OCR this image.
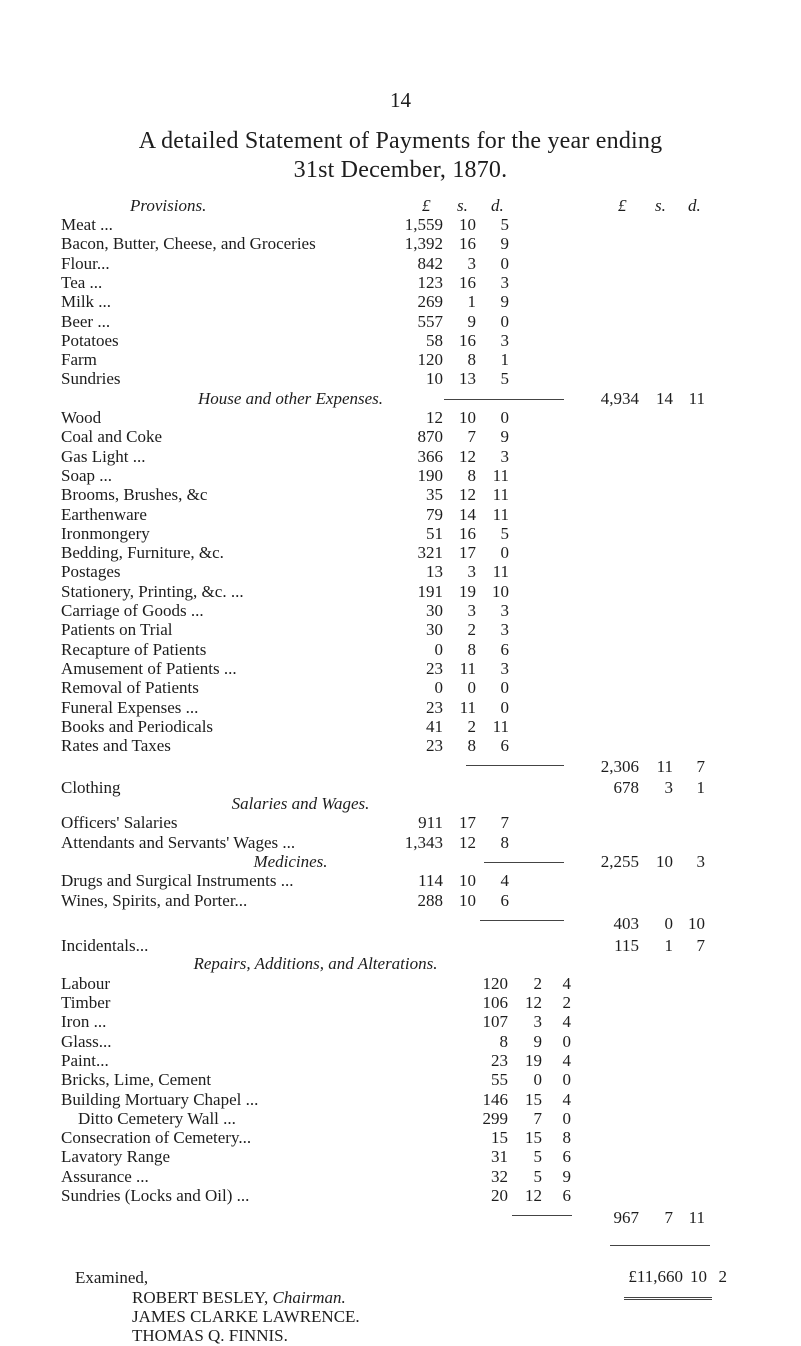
14
A detailed Statement of Payments for the year ending
31st December, 1870.
Provisions.	£ s. d.	£ s. d.
Meat ...	1,559 10 5
Bacon, Butter, Cheese, and Groceries	1,392 16 9
Flour...	842 3 0
Tea ...	123 16 3
Milk ...	269 1 9
Beer ...	557 9 0
Potatoes	58 16 3
Farm	120 8 1
Sundries	10 13 5
House and other Expenses.	4,934 14 11
Wood	12 10 0
Coal and Coke	870 7 9
Gas Light ...	366 12 3
Soap ...	190 8 11
Brooms, Brushes, &c	35 12 11
Earthenware	79 14 11
Ironmongery	51 16 5
Bedding, Furniture, &c.	321 17 0
Postages	13 3 11
Stationery, Printing, &c. ...	191 19 10
Carriage of Goods ...	30 3 3
Patients on Trial	30 2 3
Recapture of Patients	0 8 6
Amusement of Patients ...	23 11 3
Removal of Patients	0 0 0
Funeral Expenses ...	23 11 0
Books and Periodicals	41 2 11
Rates and Taxes	23 8 6
2,306 11 7
Clothing	678 3 1
Salaries and Wages.
Officers' Salaries	911 17 7
Attendants and Servants' Wages ...	1,343 12 8
Medicines.	2,255 10 3
Drugs and Surgical Instruments ...	114 10 4
Wines, Spirits, and Porter...	288 10 6
403 0 10
Incidentals...	115 1 7
Repairs, Additions, and Alterations.
Labour	120 2 4
Timber	106 12 2
Iron ...	107 3 4
Glass...	8 9 0
Paint...	23 19 4
Bricks, Lime, Cement	55 0 0
Building Mortuary Chapel ...	146 15 4
Ditto Cemetery Wall ...	299 7 0
Consecration of Cemetery...	15 15 8
Lavatory Range	31 5 6
Assurance ...	32 5 9
Sundries (Locks and Oil) ...	20 12 6
967 7 11
£11,660 10 2
Examined,
ROBERT BESLEY, Chairman.
JAMES CLARKE LAWRENCE.
THOMAS Q. FINNIS.
